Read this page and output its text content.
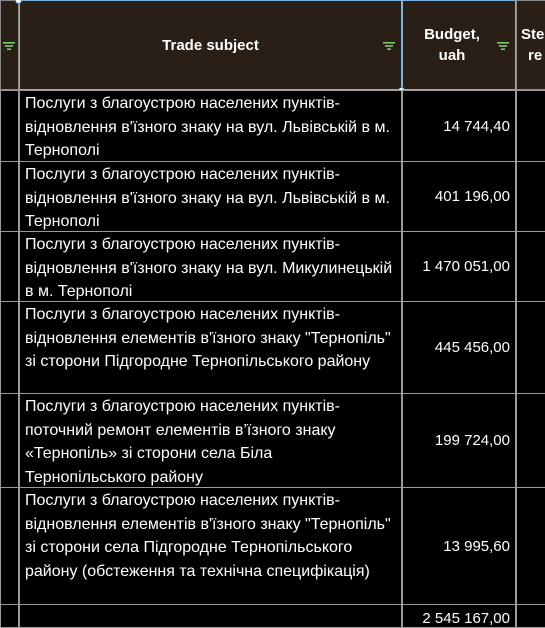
Trade subject
Budget,
uah
Ste
re
Послуги з благоустрою населених пунктів- відновлення в'їзного знаку на вул. Львівській в м. Тернополі
14 744,40
Послуги з благоустрою населених пунктів- відновлення в'їзного знаку на вул. Львівській в м. Тернополі
401 196,00
Послуги з благоустрою населених пунктів- відновлення в'їзного знаку на вул. Микулинецькій в м. Тернополі
1 470 051,00
Послуги з благоустрою населених пунктів- відновлення елементів в'їзного знаку "Тернопіль" зі сторони Підгородне Тернопільського району
445 456,00
Послуги з благоустрою населених пунктів- поточний ремонт елементів в’їзного знаку «Тернопіль» зі сторони села Біла Тернопільського району
199 724,00
Послуги з благоустрою населених пунктів- відновлення елементів в'їзного знаку "Тернопіль" зі сторони села Підгородне Тернопільського району (обстеження та технічна специфікація)
13 995,60
2 545 167,00
